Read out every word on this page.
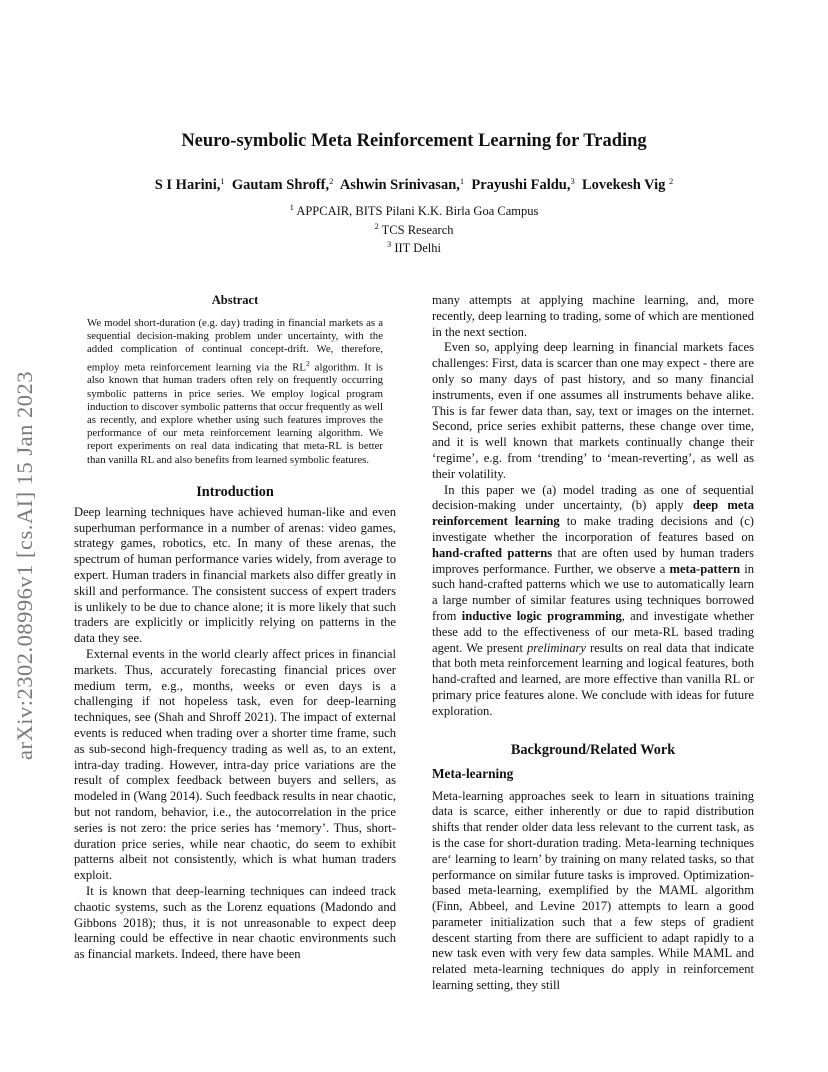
arXiv:2302.08996v1 [cs.AI] 15 Jan 2023
Neuro-symbolic Meta Reinforcement Learning for Trading
S I Harini,$^1$ Gautam Shroff,$^2$ Ashwin Srinivasan,$^1$ Prayushi Faldu,$^3$ Lovekesh Vig $^2$
$^1$ APPCAIR, BITS Pilani K.K. Birla Goa Campus
$^2$ TCS Research
$^3$ IIT Delhi
Abstract
We model short-duration (e.g. day) trading in financial markets as a sequential decision-making problem under uncertainty, with the added complication of continual concept-drift. We, therefore, employ meta reinforcement learning via the $RL^2$ algorithm. It is also known that human traders often rely on frequently occurring symbolic patterns in price series. We employ logical program induction to discover symbolic patterns that occur frequently as well as recently, and explore whether using such features improves the performance of our meta reinforcement learning algorithm. We report experiments on real data indicating that meta-RL is better than vanilla RL and also benefits from learned symbolic features.
Introduction

Deep learning techniques have achieved human-like and even superhuman performance in a number of arenas: video games, strategy games, robotics, etc. In many of these arenas, the spectrum of human performance varies widely, from average to expert. Human traders in financial markets also differ greatly in skill and performance. The consistent success of expert traders is unlikely to be due to chance alone; it is more likely that such traders are explicitly or implicitly relying on patterns in the data they see.

External events in the world clearly affect prices in financial markets. Thus, accurately forecasting financial prices over medium term, e.g., months, weeks or even days is a challenging if not hopeless task, even for deep-learning techniques, see (Shah and Shroff 2021). The impact of external events is reduced when trading over a shorter time frame, such as sub-second high-frequency trading as well as, to an extent, intra-day trading. However, intra-day price variations are the result of complex feedback between buyers and sellers, as modeled in (Wang 2014). Such feedback results in near chaotic, but not random, behavior, i.e., the autocorrelation in the price series is not zero: the price series has ‘memory’. Thus, short-duration price series, while near chaotic, do seem to exhibit patterns albeit not consistently, which is what human traders exploit.

It is known that deep-learning techniques can indeed track chaotic systems, such as the Lorenz equations (Madondo and Gibbons 2018); thus, it is not unreasonable to expect deep learning could be effective in near chaotic environments such as financial markets. Indeed, there have been

many attempts at applying machine learning, and, more recently, deep learning to trading, some of which are mentioned in the next section.

Even so, applying deep learning in financial markets faces challenges: First, data is scarcer than one may expect - there are only so many days of past history, and so many financial instruments, even if one assumes all instruments behave alike. This is far fewer data than, say, text or images on the internet. Second, price series exhibit patterns, these change over time, and it is well known that markets continually change their ‘regime’, e.g. from ‘trending’ to ‘mean-reverting’, as well as their volatility.

In this paper we (a) model trading as one of sequential decision-making under uncertainty, (b) apply deep meta reinforcement learning to make trading decisions and (c) investigate whether the incorporation of features based on hand-crafted patterns that are often used by human traders improves performance. Further, we observe a meta-pattern in such hand-crafted patterns which we use to automatically learn a large number of similar features using techniques borrowed from inductive logic programming, and investigate whether these add to the effectiveness of our meta-RL based trading agent. We present preliminary results on real data that indicate that both meta reinforcement learning and logical features, both hand-crafted and learned, are more effective than vanilla RL or primary price features alone. We conclude with ideas for future exploration.

Background/Related Work
Meta-learning

Meta-learning approaches seek to learn in situations training data is scarce, either inherently or due to rapid distribution shifts that render older data less relevant to the current task, as is the case for short-duration trading. Meta-learning techniques are‘ learning to learn’ by training on many related tasks, so that performance on similar future tasks is improved. Optimization-based meta-learning, exemplified by the MAML algorithm (Finn, Abbeel, and Levine 2017) attempts to learn a good parameter initialization such that a few steps of gradient descent starting from there are sufficient to adapt rapidly to a new task even with very few data samples. While MAML and related meta-learning techniques do apply in reinforcement learning setting, they still
